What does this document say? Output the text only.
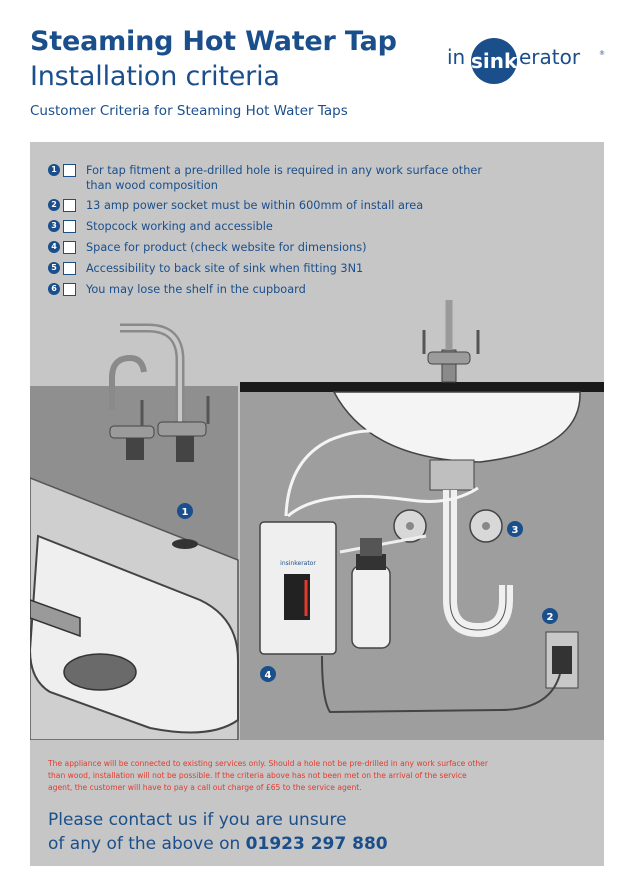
Steaming Hot Water Tap
Installation criteria
Customer Criteria for Steaming Hot Water Taps
in sink erator	®
1	For tap fitment a pre-drilled hole is required in any work surface other than wood composition
2	13 amp power socket must be within 600mm of install area
3	Stopcock working and accessible
4	Space for product (check website for dimensions)
5	Accessibility to back site of sink when fitting 3N1
6	You may lose the shelf in the cupboard
1
insinkerator
3
2
4
The appliance will be connected to existing services only. Should a hole not be pre-drilled in any work surface other than wood, installation will not be possible. If the criteria above has not been met on the arrival of the service agent, the customer will have to pay a call out charge of £65 to the service agent.
Please contact us if you are unsure
of any of the above on 01923 297 880
